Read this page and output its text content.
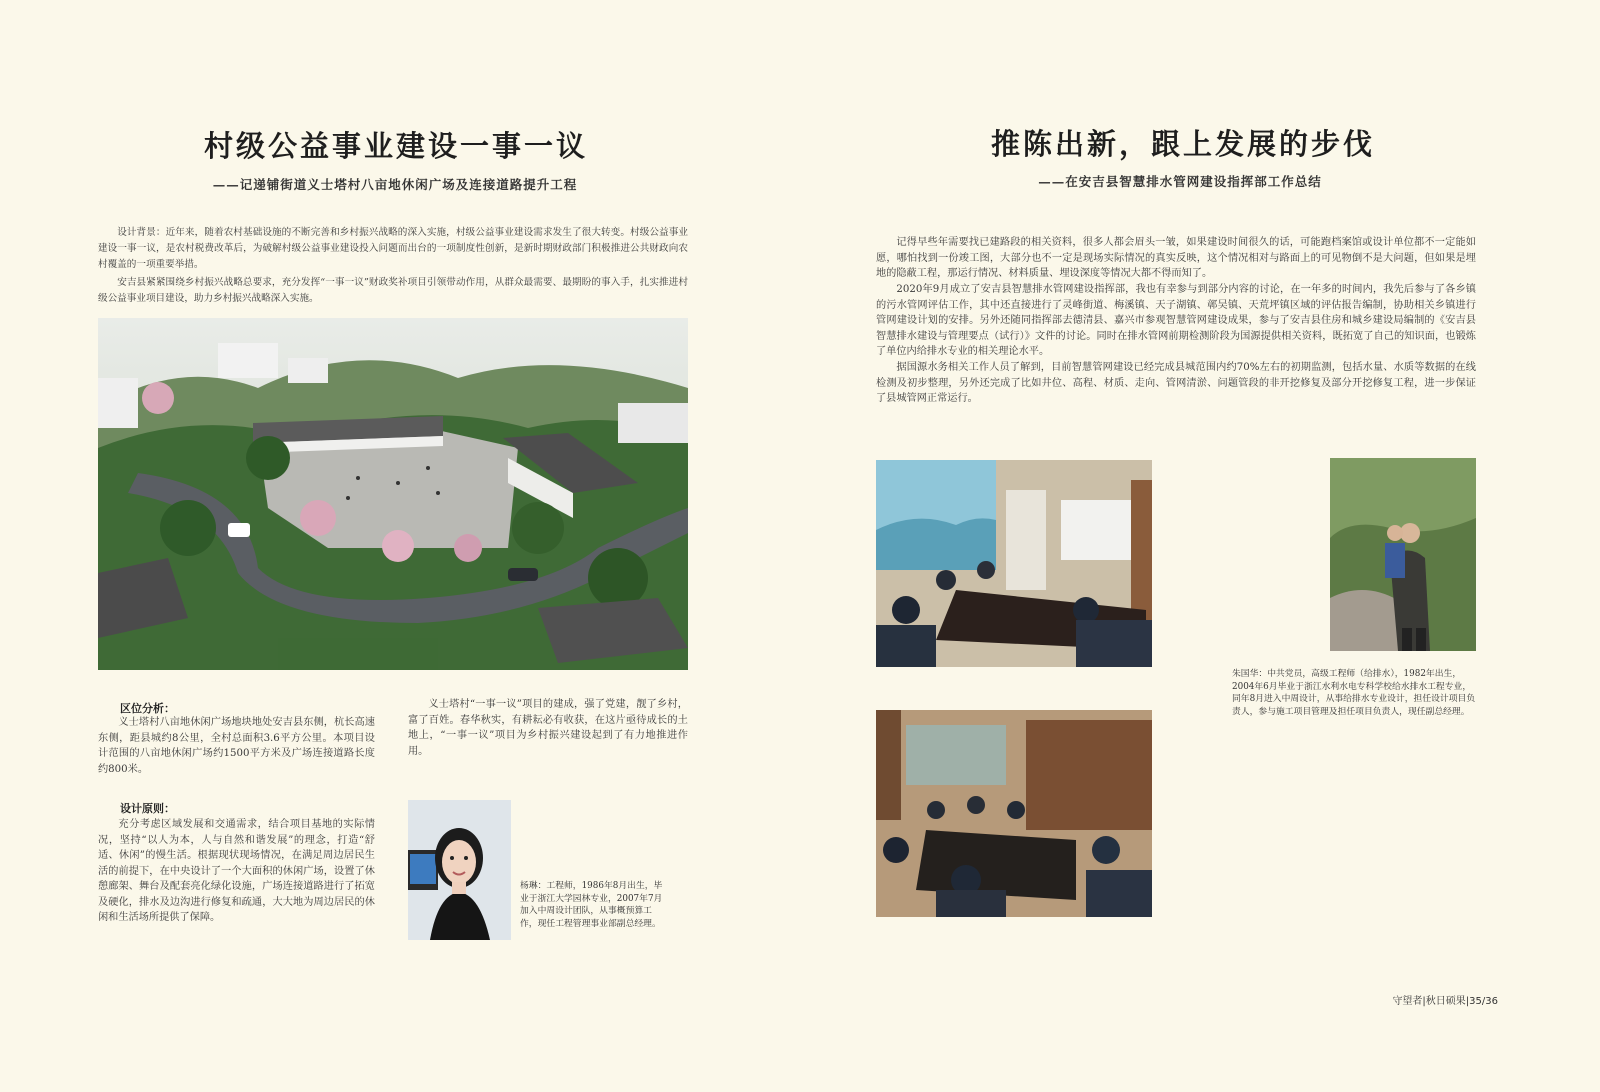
村级公益事业建设一事一议
——记递铺街道义士塔村八亩地休闲广场及连接道路提升工程

设计背景：近年来，随着农村基础设施的不断完善和乡村振兴战略的深入实施，村级公益事业建设需求发生了很大转变。村级公益事业建设一事一议，是农村税费改革后，为破解村级公益事业建设投入问题而出台的一项制度性创新，是新时期财政部门积极推进公共财政向农村覆盖的一项重要举措。

安吉县紧紧围绕乡村振兴战略总要求，充分发挥“一事一议”财政奖补项目引领带动作用，从群众最需要、最期盼的事入手，扎实推进村级公益事业项目建设，助力乡村振兴战略深入实施。

区位分析：

义士塔村八亩地休闲广场地块地处安吉县东侧，杭长高速东侧，距县城约8公里，全村总面积3.6平方公里。本项目设计范围的八亩地休闲广场约1500平方米及广场连接道路长度约800米。

义士塔村“一事一议”项目的建成，强了党建，靓了乡村，富了百姓。春华秋实，有耕耘必有收获，在这片亟待成长的土地上，“一事一议”项目为乡村振兴建设起到了有力地推进作用。

设计原则：

充分考虑区域发展和交通需求，结合项目基地的实际情况，坚持“以人为本，人与自然和谐发展”的理念，打造“舒适、休闲”的慢生活。根据现状现场情况，在满足周边居民生活的前提下，在中央设计了一个大面积的休闲广场，设置了休憩廊架、舞台及配套亮化绿化设施，广场连接道路进行了拓宽及硬化，排水及边沟进行修复和疏通，大大地为周边居民的休闲和生活场所提供了保障。

杨琳：工程师，1986年8月出生，毕业于浙江大学园林专业，2007年7月加入中周设计团队，从事概预算工作，现任工程管理事业部副总经理。

推陈出新，跟上发展的步伐
——在安吉县智慧排水管网建设指挥部工作总结

记得早些年需要找已建路段的相关资料，很多人都会眉头一皱，如果建设时间很久的话，可能跑档案馆或设计单位都不一定能如愿，哪怕找到一份竣工图，大部分也不一定是现场实际情况的真实反映，这个情况相对与路面上的可见物倒不是大问题，但如果是埋地的隐蔽工程，那运行情况、材料质量、埋设深度等情况大都不得而知了。

2020年9月成立了安吉县智慧排水管网建设指挥部，我也有幸参与到部分内容的讨论，在一年多的时间内，我先后参与了各乡镇的污水管网评估工作，其中还直接进行了灵峰街道、梅溪镇、天子湖镇、鄣吴镇、天荒坪镇区域的评估报告编制，协助相关乡镇进行管网建设计划的安排。另外还随同指挥部去德清县、嘉兴市参观智慧管网建设成果，参与了安吉县住房和城乡建设局编制的《安吉县智慧排水建设与管理要点（试行）》文件的讨论。同时在排水管网前期检测阶段为国源提供相关资料，既拓宽了自己的知识面，也锻炼了单位内给排水专业的相关理论水平。

据国源水务相关工作人员了解到，目前智慧管网建设已经完成县城范围内约70%左右的初期监测，包括水量、水质等数据的在线检测及初步整理，另外还完成了比如井位、高程、材质、走向、管网清淤、问题管段的非开挖修复及部分开挖修复工程，进一步保证了县城管网正常运行。

朱国华：中共党员，高级工程师（给排水），1982年出生，2004年6月毕业于浙江水利水电专科学校给水排水工程专业，同年8月进入中周设计，从事给排水专业设计，担任设计项目负责人，参与施工项目管理及担任项目负责人，现任副总经理。

守望者|秋日硕果|35/36
